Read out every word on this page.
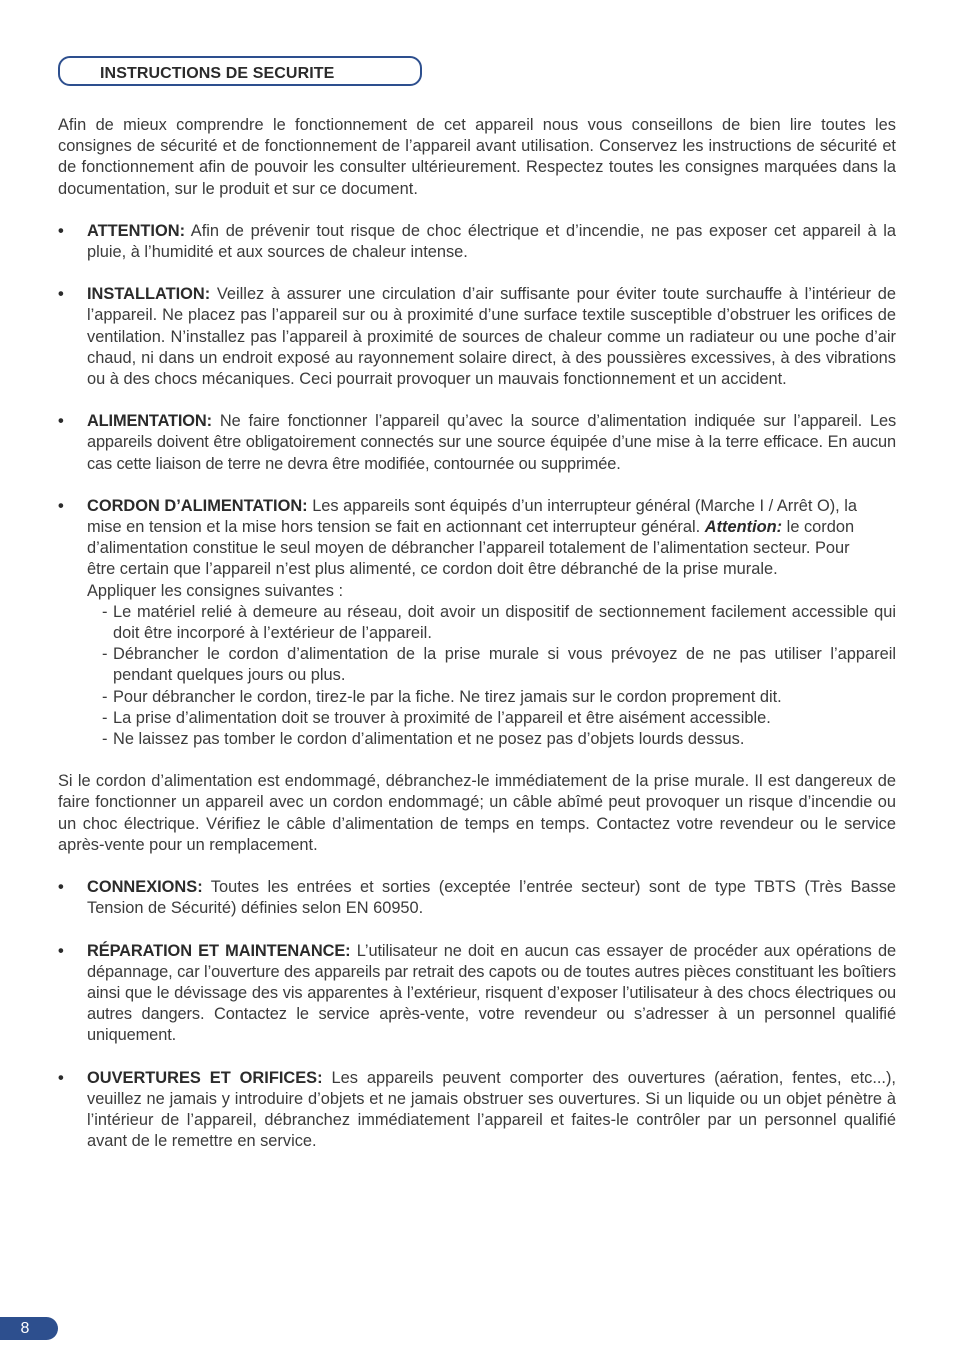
INSTRUCTIONS DE SECURITE

Afin de mieux comprendre le fonctionnement de cet appareil nous vous conseillons de bien lire toutes les consignes de sécurité et de fonctionnement de l’appareil avant utilisation. Conservez les instructions de sécurité et de fonctionnement afin de pouvoir les consulter ultérieurement. Respectez toutes les consignes marquées dans la documentation, sur le produit et sur ce document.

• ATTENTION: Afin de prévenir tout risque de choc électrique et d’incendie, ne pas exposer cet appareil à la pluie, à l’humidité et aux sources de chaleur intense.

• INSTALLATION: Veillez à assurer une circulation d’air suffisante pour éviter toute surchauffe à l’intérieur de l’appareil. Ne placez pas l’appareil sur ou à proximité d’une surface textile susceptible d’obstruer les orifices de ventilation. N’installez pas l’appareil à proximité de sources de chaleur comme un radiateur ou une poche d’air chaud, ni dans un endroit exposé au rayonnement solaire direct, à des poussières excessives, à des vibrations ou à des chocs mécaniques. Ceci pourrait provoquer un mauvais fonctionnement et un accident.

• ALIMENTATION: Ne faire fonctionner l’appareil qu’avec la source d’alimentation indiquée sur l’appareil. Les appareils doivent être obligatoirement connectés sur une source équipée d’une mise à la terre efficace. En aucun cas cette liaison de terre ne devra être modifiée, contournée ou supprimée.

• CORDON D’ALIMENTATION: Les appareils sont équipés d’un interrupteur général (Marche I / Arrêt O), la mise en tension et la mise hors tension se fait en actionnant cet interrupteur général. Attention: le cordon d’alimentation constitue le seul moyen de débrancher l’appareil totalement de l’alimentation secteur. Pour être certain que l’appareil n’est plus alimenté, ce cordon doit être débranché de la prise murale.

Appliquer les consignes suivantes :

- Le matériel relié à demeure au réseau, doit avoir un dispositif de sectionnement facilement accessible qui doit être incorporé à l’extérieur de l’appareil.
- Débrancher le cordon d’alimentation de la prise murale si vous prévoyez de ne pas utiliser l’appareil pendant quelques jours ou plus.
- Pour débrancher le cordon, tirez-le par la fiche. Ne tirez jamais sur le cordon proprement dit.
- La prise d’alimentation doit se trouver à proximité de l’appareil et être aisément accessible.
- Ne laissez pas tomber le cordon d’alimentation et ne posez pas d’objets lourds dessus.

Si le cordon d’alimentation est endommagé, débranchez-le immédiatement de la prise murale. Il est dangereux de faire fonctionner un appareil avec un cordon endommagé; un câble abîmé peut provoquer un risque d’incendie ou un choc électrique. Vérifiez le câble d’alimentation de temps en temps. Contactez votre revendeur ou le service après-vente pour un remplacement.

• CONNEXIONS: Toutes les entrées et sorties (exceptée l’entrée secteur) sont de type TBTS (Très Basse Tension de Sécurité) définies selon EN 60950.

• RÉPARATION ET MAINTENANCE: L’utilisateur ne doit en aucun cas essayer de procéder aux opérations de dépannage, car l’ouverture des appareils par retrait des capots ou de toutes autres pièces constituant les boîtiers ainsi que le dévissage des vis apparentes à l’extérieur, risquent d’exposer l’utilisateur à des chocs électriques ou autres dangers. Contactez le service après-vente, votre revendeur ou s’adresser à un personnel qualifié uniquement.

• OUVERTURES ET ORIFICES: Les appareils peuvent comporter des ouvertures (aération, fentes, etc...), veuillez ne jamais y introduire d’objets et ne jamais obstruer ses ouvertures. Si un liquide ou un objet pénètre à l’intérieur de l’appareil, débranchez immédiatement l’appareil et faites-le contrôler par un personnel qualifié avant de le remettre en service.

8
